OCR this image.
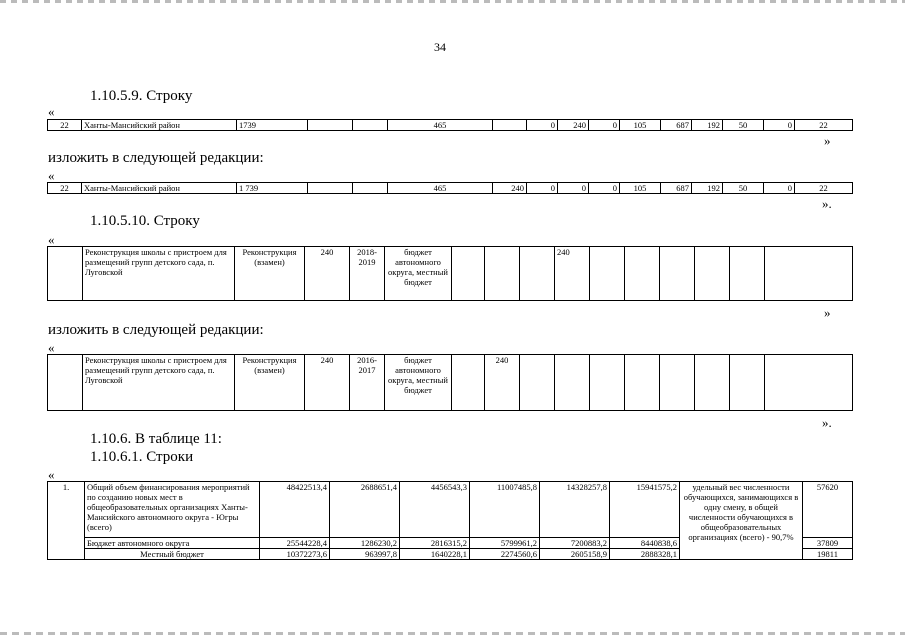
34
1.10.5.9. Строку
«
22	Ханты-Мансийский район	1739			465		0	240	0	105	687	192	50	0	22
»
изложить в следующей редакции:
«
22	Ханты-Мансийский район	1 739			465	240	0	0	0	105	687	192	50	0	22
».
1.10.5.10. Строку
«
	Реконструкция школы с пристроем для размещений групп детского сада, п. Луговской	Реконструкция (взамен)	240	2018-2019	бюджет автономного округа, местный бюджет				240						
»
изложить в следующей редакции:
«
	Реконструкция школы с пристроем для размещений групп детского сада, п. Луговской	Реконструкция (взамен)	240	2016-2017	бюджет автономного округа, местный бюджет		240								
».
1.10.6. В таблице 11:
1.10.6.1. Строки
«
1.	Общий объем финансирования мероприятий по созданию новых мест в общеобразовательных организациях Ханты-Мансийского автономного округа - Югры (всего)	48422513,4	2688651,4	4456543,3	11007485,8	14328257,8	15941575,2	удельный вес численности обучающихся, занимающихся в одну смену, в общей численности обучающихся в общеобразовательных организациях (всего) - 90,7%	57620
	Бюджет автономного округа	25544228,4	1286230,2	2816315,2	5799961,2	7200883,2	8440838,6		37809
	Местный бюджет	10372273,6	963997,8	1640228,1	2274560,6	2605158,9	2888328,1		19811
